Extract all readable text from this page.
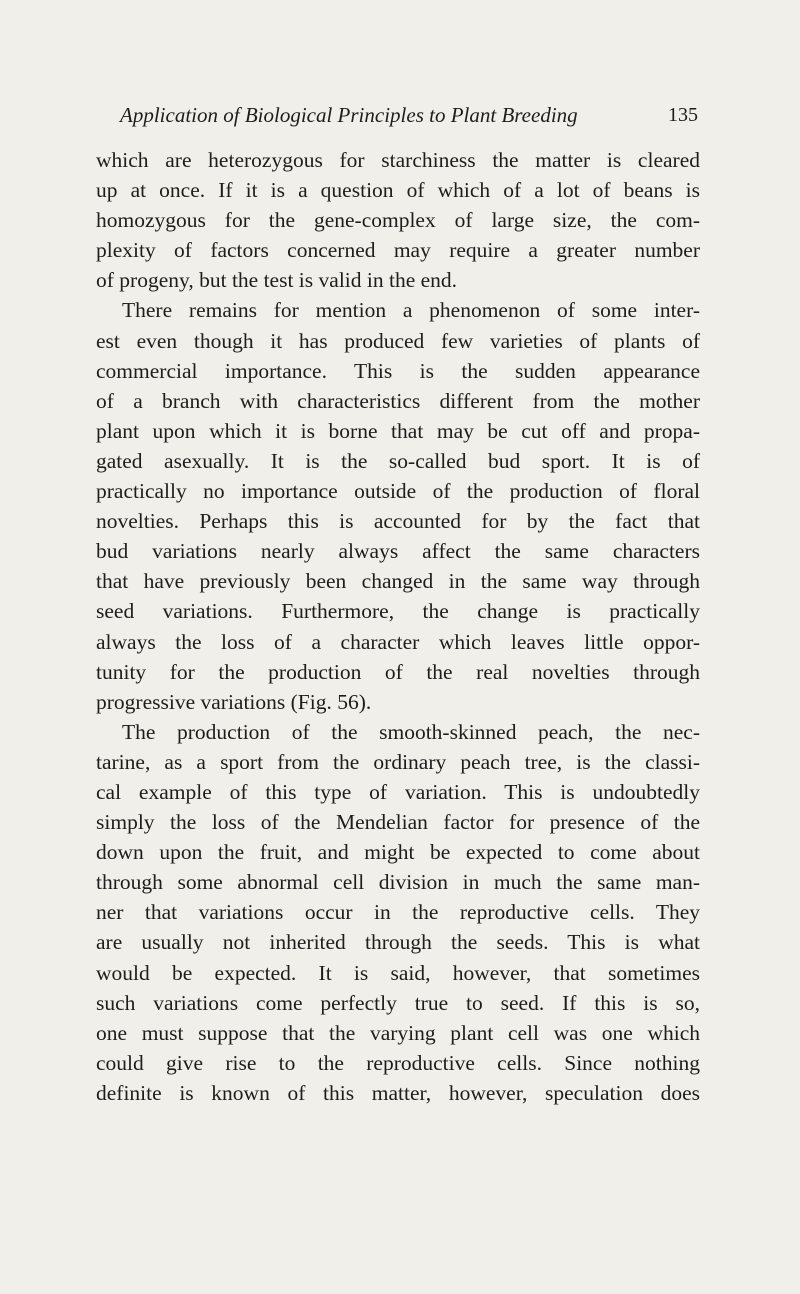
Application of Biological Principles to Plant Breeding	135
which are heterozygous for starchiness the matter is cleared
up at once. If it is a question of which of a lot of beans is
homozygous for the gene-complex of large size, the com-
plexity of factors concerned may require a greater number
of progeny, but the test is valid in the end.
There remains for mention a phenomenon of some inter-
est even though it has produced few varieties of plants of
commercial importance. This is the sudden appearance
of a branch with characteristics different from the mother
plant upon which it is borne that may be cut off and propa-
gated asexually. It is the so-called bud sport. It is of
practically no importance outside of the production of floral
novelties. Perhaps this is accounted for by the fact that
bud variations nearly always affect the same characters
that have previously been changed in the same way through
seed variations. Furthermore, the change is practically
always the loss of a character which leaves little oppor-
tunity for the production of the real novelties through
progressive variations (Fig. 56).
The production of the smooth-skinned peach, the nec-
tarine, as a sport from the ordinary peach tree, is the classi-
cal example of this type of variation. This is undoubtedly
simply the loss of the Mendelian factor for presence of the
down upon the fruit, and might be expected to come about
through some abnormal cell division in much the same man-
ner that variations occur in the reproductive cells. They
are usually not inherited through the seeds. This is what
would be expected. It is said, however, that sometimes
such variations come perfectly true to seed. If this is so,
one must suppose that the varying plant cell was one which
could give rise to the reproductive cells. Since nothing
definite is known of this matter, however, speculation does
